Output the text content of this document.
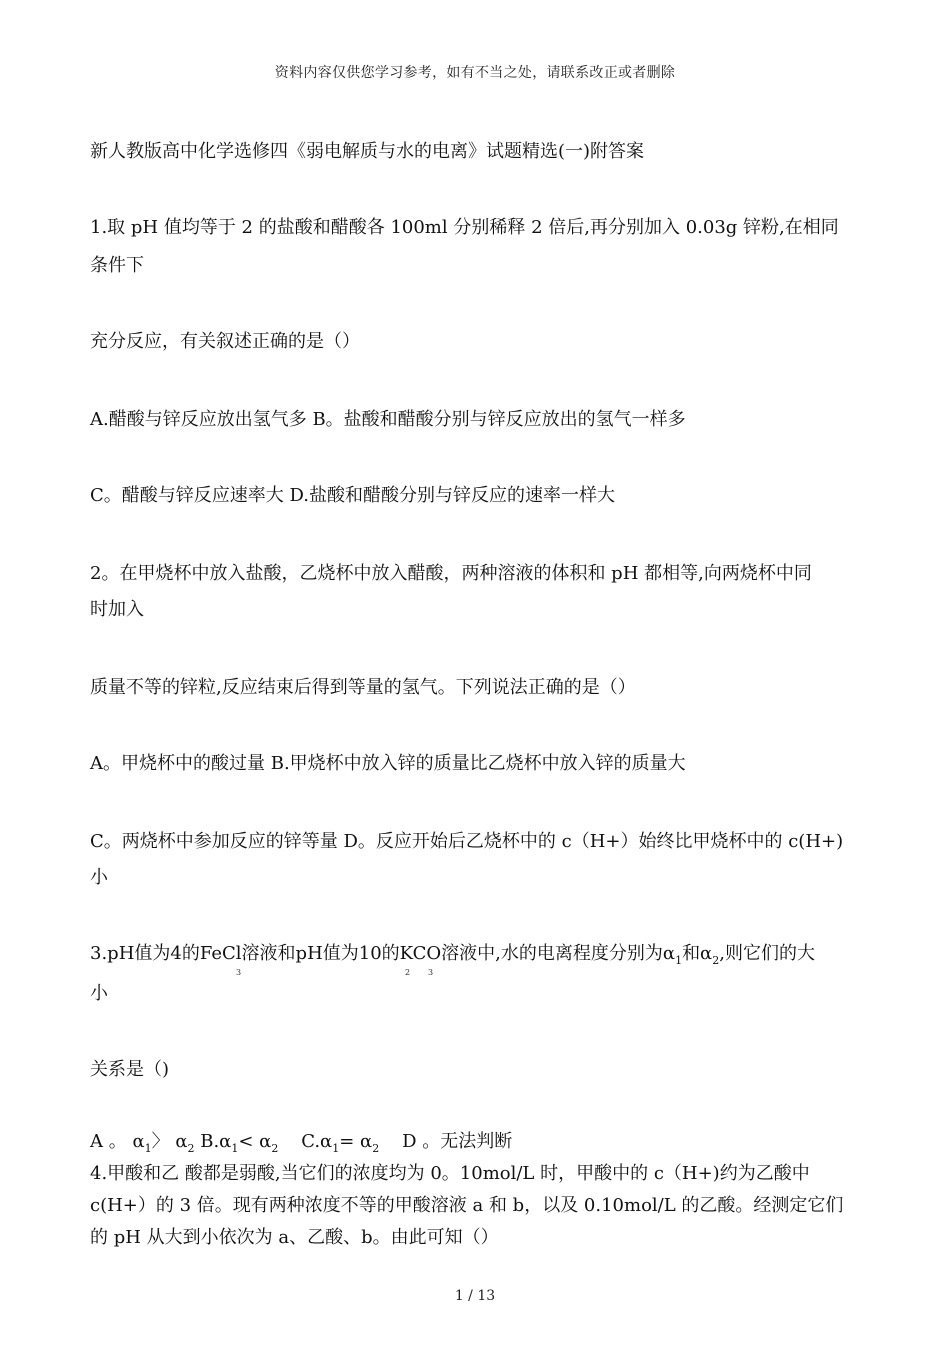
资料内容仅供您学习参考，如有不当之处，请联系改正或者删除
新人教版高中化学选修四《弱电解质与水的电离》试题精选(一)附答案
1.取 pH 值均等于 2 的盐酸和醋酸各 100ml 分别稀释 2 倍后,再分别加入 0.03g 锌粉,在相同
条件下
充分反应，有关叙述正确的是（）
A.醋酸与锌反应放出氢气多 B。盐酸和醋酸分别与锌反应放出的氢气一样多
C。醋酸与锌反应速率大 D.盐酸和醋酸分别与锌反应的速率一样大
2。在甲烧杯中放入盐酸，乙烧杯中放入醋酸，两种溶液的体积和 pH 都相等,向两烧杯中同
时加入
质量不等的锌粒,反应结束后得到等量的氢气。下列说法正确的是（）
A。甲烧杯中的酸过量 B.甲烧杯中放入锌的质量比乙烧杯中放入锌的质量大
C。两烧杯中参加反应的锌等量 D。反应开始后乙烧杯中的 c（H+）始终比甲烧杯中的 c(H+)
小
3.pH值为4的FeCl溶液和pH值为10的KCO溶液中,水的电离程度分别为$\alpha_1$和$\alpha_2$,则它们的大
3	2 3
小
关系是（)
A 。 $\alpha_1$〉 $\alpha_2$ $B.\alpha_1< \alpha_2$ $C.\alpha_1= \alpha_2$ D 。无法判断
4.甲酸和乙 酸都是弱酸,当它们的浓度均为 0。10mol/L 时，甲酸中的 c（H+)约为乙酸中
c(H+）的 3 倍。现有两种浓度不等的甲酸溶液 a 和 b，以及 0.10mol/L 的乙酸。经测定它们
的 pH 从大到小依次为 a、乙酸、b。由此可知（）
1 / 13
